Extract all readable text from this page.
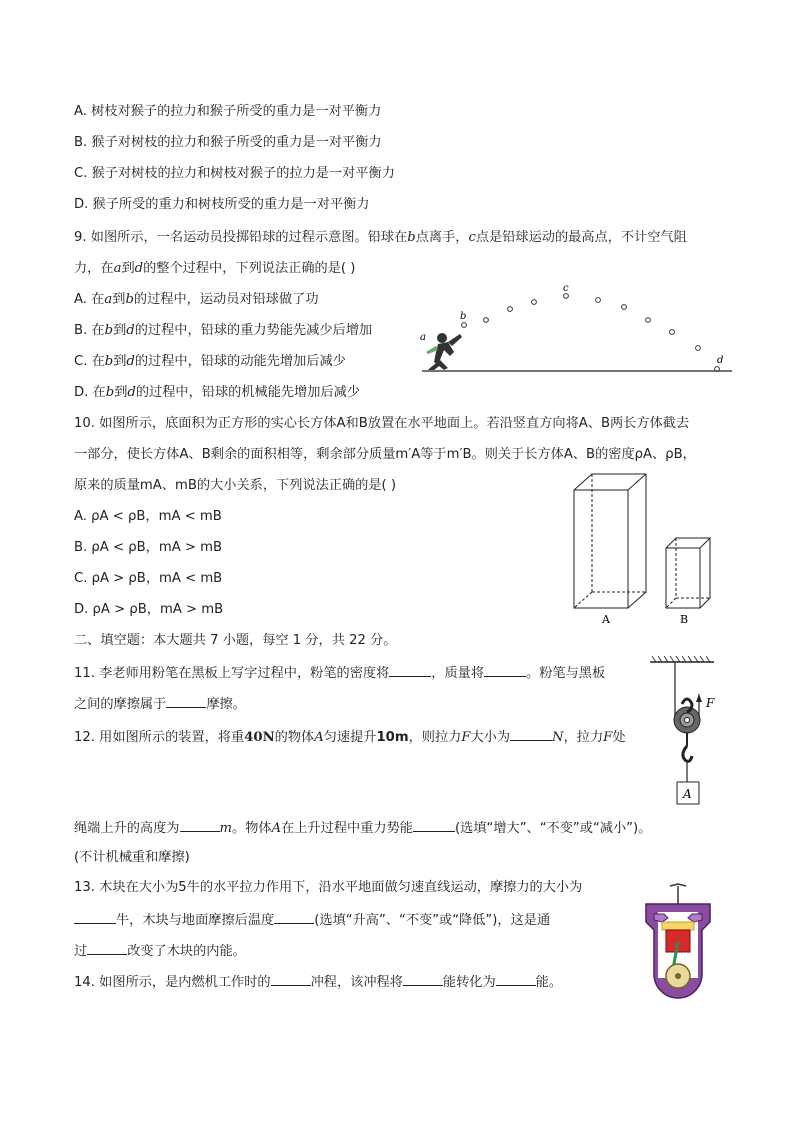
A. 树枝对猴子的拉力和猴子所受的重力是一对平衡力
B. 猴子对树枝的拉力和猴子所受的重力是一对平衡力
C. 猴子对树枝的拉力和树枝对猴子的拉力是一对平衡力
D. 猴子所受的重力和树枝所受的重力是一对平衡力
9. 如图所示，一名运动员投掷铅球的过程示意图。铅球在b点离手，c点是铅球运动的最高点，不计空气阻
力，在a到d的整个过程中，下列说法正确的是( )
A. 在a到b的过程中，运动员对铅球做了功
B. 在b到d的过程中，铅球的重力势能先减少后增加
C. 在b到d的过程中，铅球的动能先增加后减少
D. 在b到d的过程中，铅球的机械能先增加后减少
a
b
c
d
10. 如图所示，底面积为正方形的实心长方体A和B放置在水平地面上。若沿竖直方向将A、B两长方体截去
一部分，使长方体A、B剩余的面积相等，剩余部分质量m′A等于m′B。则关于长方体A、B的密度ρA、ρB，
原来的质量mA、mB的大小关系，下列说法正确的是( )
A. ρA < ρB，mA < mB
B. ρA < ρB，mA > mB
C. ρA > ρB，mA < mB
D. ρA > ρB，mA > mB
A	B
二、填空题：本大题共 7 小题，每空 1 分，共 22 分。
11. 李老师用粉笔在黑板上写字过程中，粉笔的密度将	，质量将	。粉笔与黑板
之间的摩擦属于	摩擦。
12. 用如图所示的装置，将重40N的物体A匀速提升10m，则拉力F大小为	N，拉力F处
绳端上升的高度为	m。物体A在上升过程中重力势能	(选填“增大”、“不变”或“减小”)。
(不计机械重和摩擦)
F
A
13. 木块在大小为5牛的水平拉力作用下，沿水平地面做匀速直线运动，摩擦力的大小为
牛，木块与地面摩擦后温度	(选填“升高”、“不变”或“降低”)，这是通
过	改变了木块的内能。
14. 如图所示，是内燃机工作时的	冲程，该冲程将	能转化为	能。
